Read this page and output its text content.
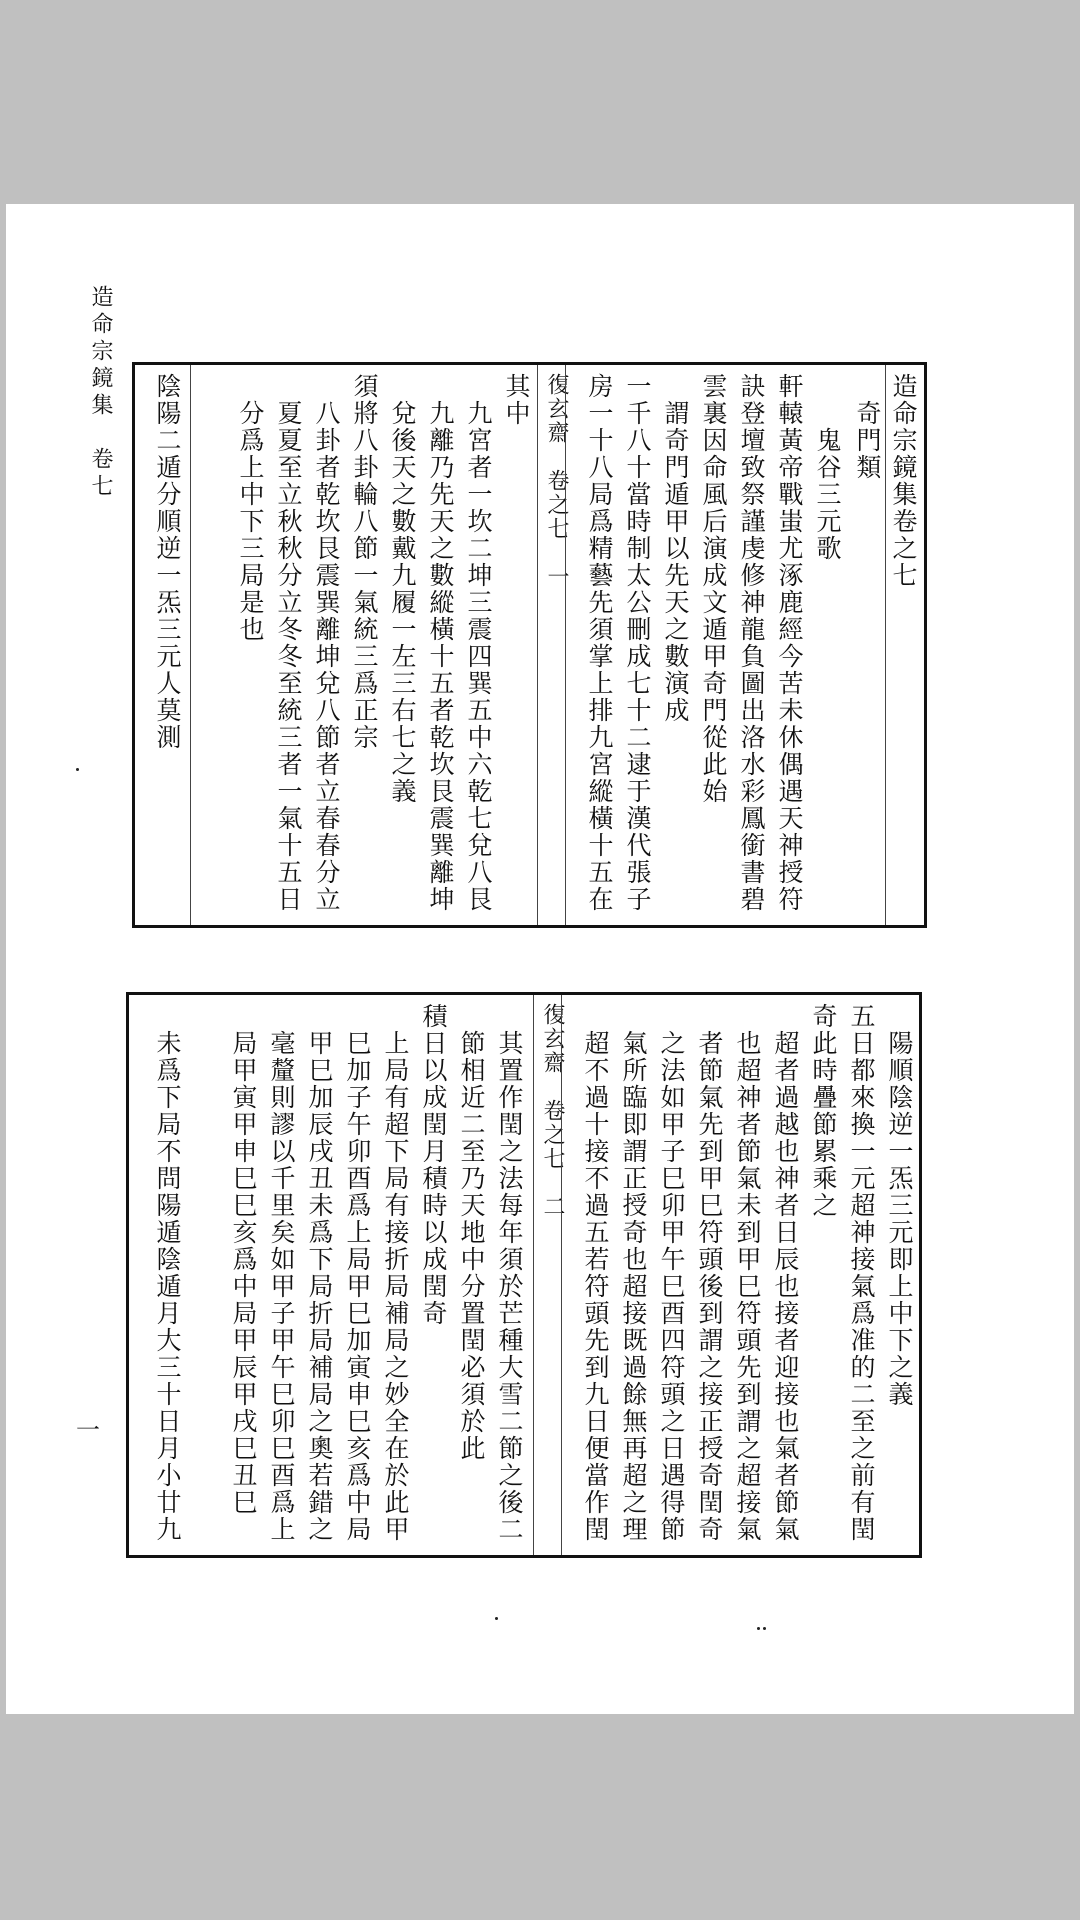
造命宗鏡集　卷七
一
造命宗鏡集卷之七
　奇門類
　　鬼谷三元歌
軒轅黃帝戰蚩尤涿鹿經今苦未休偶遇天神授符
訣登壇致祭謹虔修神龍負圖出洛水彩鳳銜書碧
雲裏因命風后演成文遁甲奇門從此始
　謂奇門遁甲以先天之數演成
一千八十當時制太公刪成七十二逮于漢代張子
房一十八局爲精藝先須掌上排九宮縱橫十五在
復玄齋　卷之七　一
其中
　九宮者一坎二坤三震四巽五中六乾七兌八艮
　九離乃先天之數縱橫十五者乾坎艮震巽離坤
　兌後天之數戴九履一左三右七之義
須將八卦輪八節一氣統三爲正宗
　八卦者乾坎艮震巽離坤兌八節者立春春分立
　夏夏至立秋秋分立冬冬至統三者一氣十五日
　分爲上中下三局是也
陰陽二遁分順逆一炁三元人莫測
　陽順陰逆一炁三元即上中下之義
五日都來換一元超神接氣爲准的二至之前有閏
奇此時疊節累乘之
　超者過越也神者日辰也接者迎接也氣者節氣
　也超神者節氣未到甲巳符頭先到謂之超接氣
　者節氣先到甲巳符頭後到謂之接正授奇閏奇
　之法如甲子巳卯甲午巳酉四符頭之日遇得節
　氣所臨即謂正授奇也超接既過餘無再超之理
　超不過十接不過五若符頭先到九日便當作閏
復玄齋　卷之七　二
　其置作閏之法每年須於芒種大雪二節之後二
　節相近二至乃天地中分置閏必須於此
積日以成閏月積時以成閏奇
　上局有超下局有接折局補局之妙全在於此甲
　巳加子午卯酉爲上局甲巳加寅申巳亥爲中局
　甲巳加辰戌丑未爲下局折局補局之奧若錯之
　毫釐則謬以千里矣如甲子甲午巳卯巳酉爲上
　局甲寅甲申巳巳亥爲中局甲辰甲戌巳丑巳
　未爲下局不問陽遁陰遁月大三十日月小廿九
